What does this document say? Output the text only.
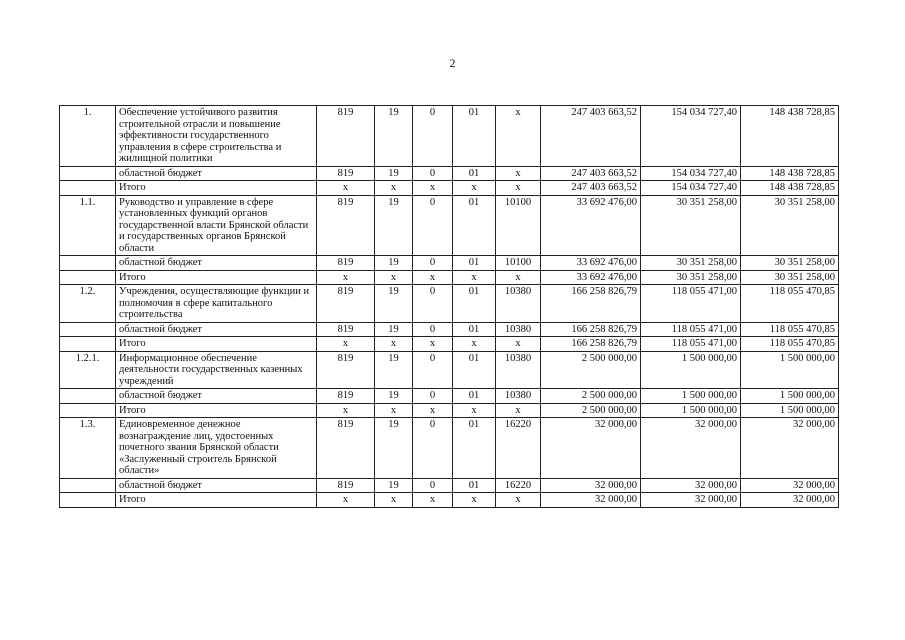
2
1.	Обеспечение устойчивого развития строительной отрасли и повышение эффективности государственного управления в сфере строительства и жилищной политики	819	19	0	01	х	247 403 663,52	154 034 727,40	148 438 728,85
	областной бюджет	819	19	0	01	х	247 403 663,52	154 034 727,40	148 438 728,85
	Итого	х	х	х	х	х	247 403 663,52	154 034 727,40	148 438 728,85
1.1.	Руководство и управление в сфере установленных функций органов государственной власти Брянской области и государственных органов Брянской области	819	19	0	01	10100	33 692 476,00	30 351 258,00	30 351 258,00
	областной бюджет	819	19	0	01	10100	33 692 476,00	30 351 258,00	30 351 258,00
	Итого	х	х	х	х	х	33 692 476,00	30 351 258,00	30 351 258,00
1.2.	Учреждения, осуществляющие функции и полномочия в сфере капитального строительства	819	19	0	01	10380	166 258 826,79	118 055 471,00	118 055 470,85
	областной бюджет	819	19	0	01	10380	166 258 826,79	118 055 471,00	118 055 470,85
	Итого	х	х	х	х	х	166 258 826,79	118 055 471,00	118 055 470,85
1.2.1.	Информационное обеспечение деятельности государственных казенных учреждений	819	19	0	01	10380	2 500 000,00	1 500 000,00	1 500 000,00
	областной бюджет	819	19	0	01	10380	2 500 000,00	1 500 000,00	1 500 000,00
	Итого	х	х	х	х	х	2 500 000,00	1 500 000,00	1 500 000,00
1.3.	Единовременное денежное вознаграждение лиц, удостоенных почетного звания Брянской области «Заслуженный строитель Брянской области»	819	19	0	01	16220	32 000,00	32 000,00	32 000,00
	областной бюджет	819	19	0	01	16220	32 000,00	32 000,00	32 000,00
	Итого	х	х	х	х	х	32 000,00	32 000,00	32 000,00
